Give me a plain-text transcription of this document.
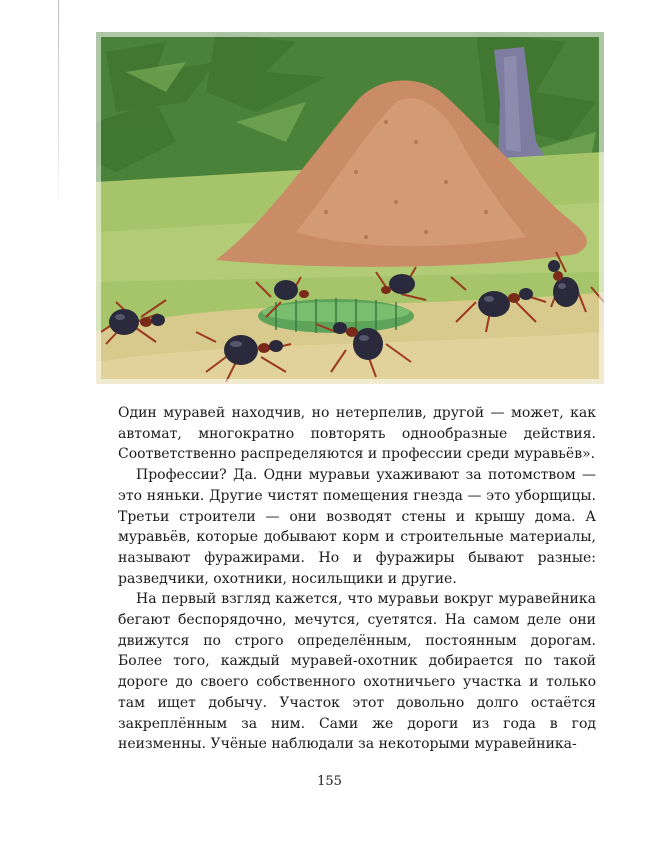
Один муравей находчив, но нетерпелив, другой — может, как автомат, многократно повторять однообразные действия. Соответственно распределяются и профессии среди муравьёв».

Профессии? Да. Одни муравьи ухаживают за потомством — это няньки. Другие чистят помещения гнезда — это уборщицы. Третьи строители — они возводят стены и крышу дома. А муравьёв, которые добывают корм и строительные материалы, называют фуражирами. Но и фуражиры бывают разные: разведчики, охотники, носильщики и другие.

На первый взгляд кажется, что муравьи вокруг муравейника бегают беспорядочно, мечутся, суетятся. На самом деле они движутся по строго определённым, постоянным дорогам. Более того, каждый муравей-охотник добирается по такой дороге до своего собственного охотничьего участка и только там ищет добычу. Участок этот довольно долго остаётся закреплённым за ним. Сами же дороги из года в год неизменны. Учёные наблюдали за некоторыми муравейника-

155
